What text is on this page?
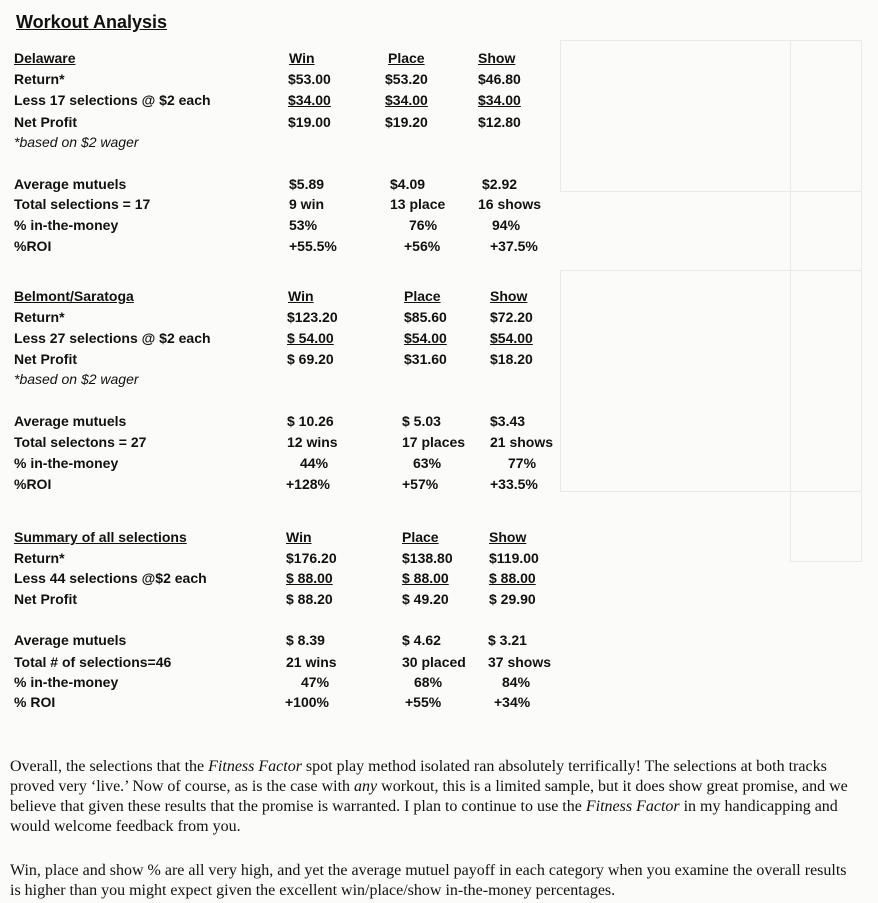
Workout Analysis
Delaware	Win	Place	Show
Return*	$53.00	$53.20	$46.80
Less 17 selections @ $2 each	$34.00	$34.00	$34.00
Net Profit	$19.00	$19.20	$12.80
*based on $2 wager
Average mutuels	$5.89	$4.09	$2.92
Total selections = 17	9 win	13 place 16 shows
% in-the-money	53%	76%	94%
%ROI	+55.5%	+56%	+37.5%
Belmont/Saratoga	Win	Place	Show
Return*	$123.20	$85.60	$72.20
Less 27 selections @ $2 each	$ 54.00	$54.00	$54.00
Net Profit	$ 69.20	$31.60	$18.20
*based on $2 wager
Average mutuels	$ 10.26	$ 5.03	$3.43
Total selectons = 27	12 wins	17 places 21 shows
% in-the-money	44%	63%	77%
%ROI	+128%	+57%	+33.5%
Summary of all selections	Win	Place	Show
Return*	$176.20	$138.80	$119.00
Less 44 selections @$2 each	$ 88.00	$ 88.00	$ 88.00
Net Profit	$ 88.20	$ 49.20	$ 29.90
Average mutuels	$ 8.39	$ 4.62	$ 3.21
Total # of selections=46	21 wins	30 placed 37 shows
% in-the-money	47%	68%	84%
% ROI	+100%	+55%	+34%

Overall, the selections that the Fitness Factor spot play method isolated ran absolutely terrifically! The selections at both tracks proved very ‘live.’ Now of course, as is the case with any workout, this is a limited sample, but it does show great promise, and we believe that given these results that the promise is warranted. I plan to continue to use the Fitness Factor in my handicapping and would welcome feedback from you.

Win, place and show % are all very high, and yet the average mutuel payoff in each category when you examine the overall results is higher than you might expect given the excellent win/place/show in-the-money percentages.
